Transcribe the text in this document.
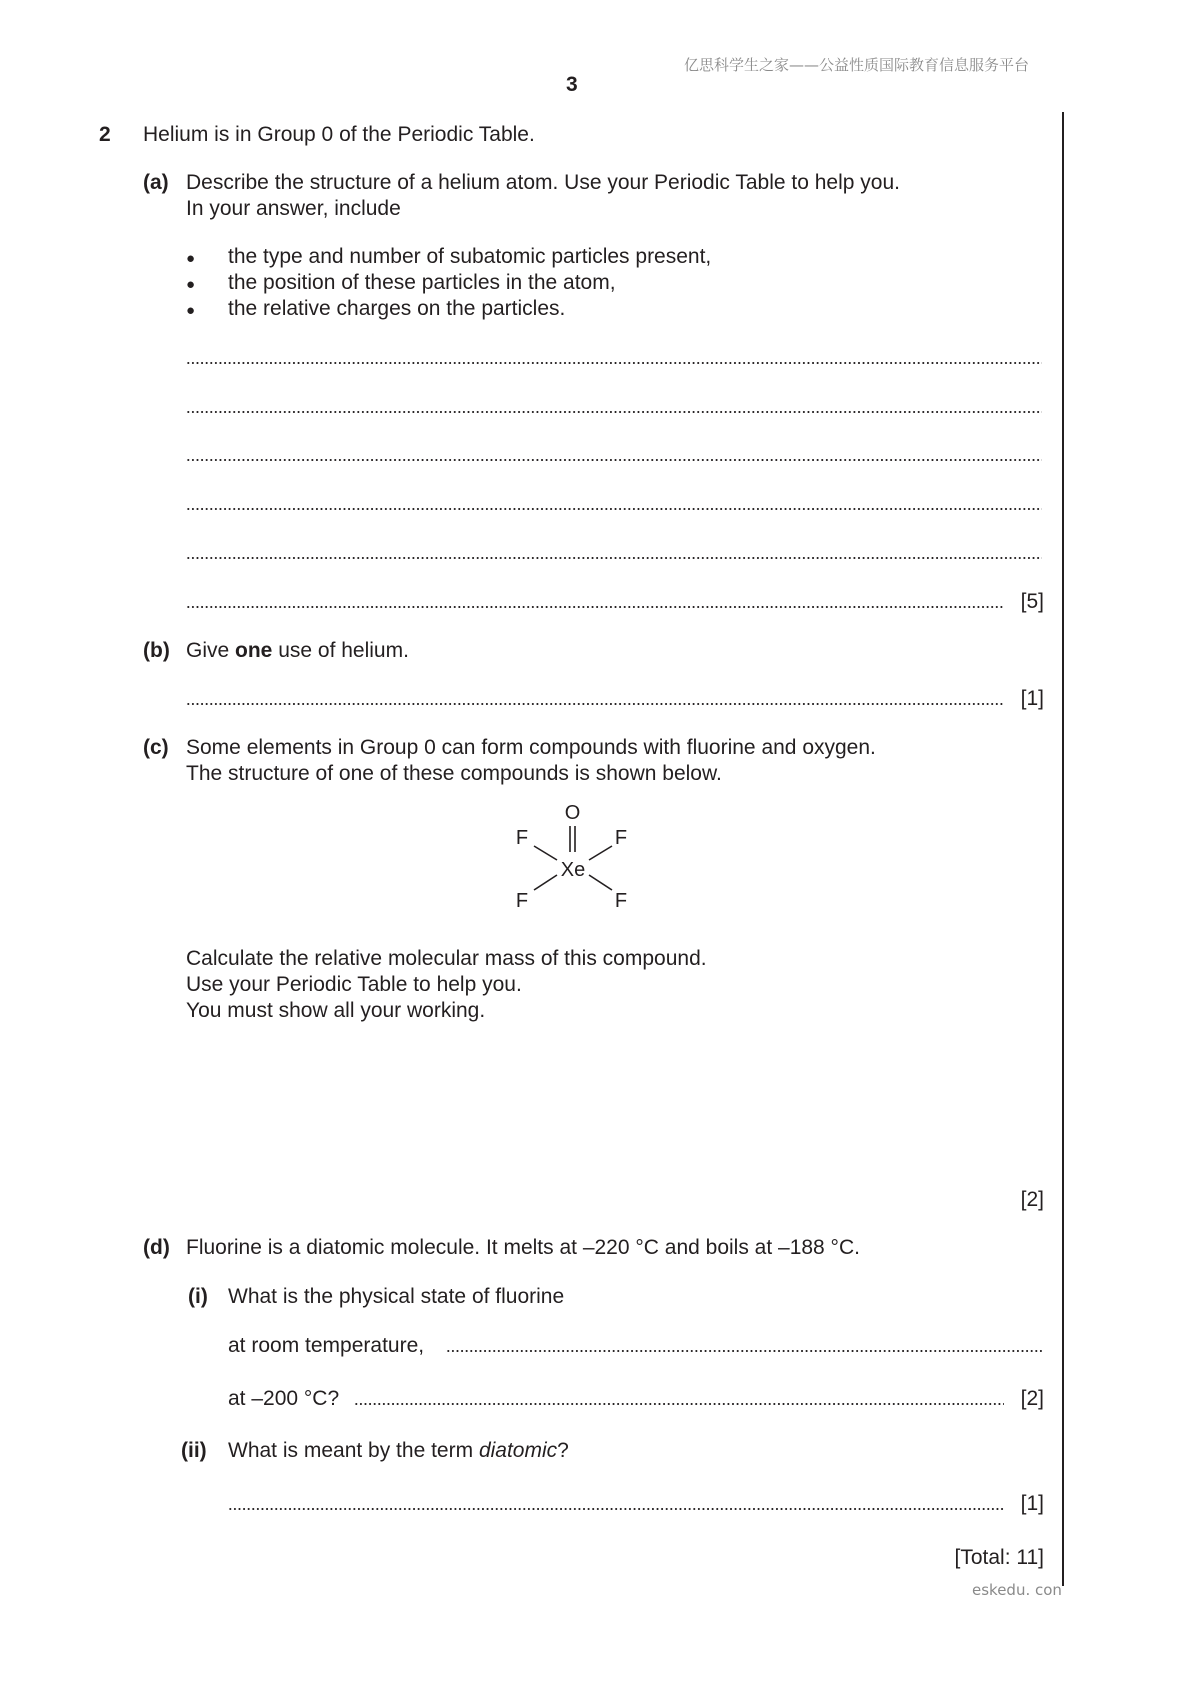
亿思科学生之家——公益性质国际教育信息服务平台
3
2 Helium is in Group 0 of the Periodic Table.
(a) Describe the structure of a helium atom. Use your Periodic Table to help you.
In your answer, include
● the type and number of subatomic particles present,
● the position of these particles in the atom,
● the relative charges on the particles.
[5]
(b) Give one use of helium.
[1]
(c) Some elements in Group 0 can form compounds with fluorine and oxygen.
The structure of one of these compounds is shown below.
O
F	F
Xe
F	F
Calculate the relative molecular mass of this compound.
Use your Periodic Table to help you.
You must show all your working.
[2]
(d) Fluorine is a diatomic molecule. It melts at –220 °C and boils at –188 °C.
(i) What is the physical state of fluorine
at room temperature,
at –200 °C?	[2]
(ii) What is meant by the term diatomic?
[1]
[Total: 11]
eskedu. con
